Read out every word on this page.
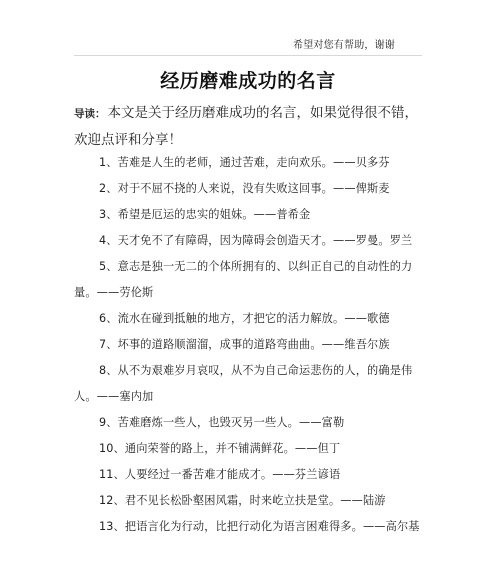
希望对您有帮助，谢谢
经历磨难成功的名言
导读： 本文是关于经历磨难成功的名言，如果觉得很不错，欢迎点评和分享！
1、苦难是人生的老师，通过苦难，走向欢乐。——贝多芬
2、对于不屈不挠的人来说，没有失败这回事。——俾斯麦
3、希望是厄运的忠实的姐妹。——普希金
4、天才免不了有障碍，因为障碍会创造天才。——罗曼。罗兰
5、意志是独一无二的个体所拥有的、以纠正自己的自动性的力量。——劳伦斯
6、流水在碰到抵触的地方，才把它的活力解放。——歌德
7、坏事的道路顺溜溜，成事的道路弯曲曲。——维吾尔族
8、从不为艰难岁月哀叹，从不为自己命运悲伤的人，的确是伟人。——塞内加
9、苦难磨炼一些人，也毁灭另一些人。——富勒
10、通向荣誉的路上，并不铺满鲜花。——但丁
11、人要经过一番苦难才能成才。——芬兰谚语
12、君不见长松卧壑困风霜，时来屹立扶是堂。——陆游
13、把语言化为行动，比把行动化为语言困难得多。——高尔基
